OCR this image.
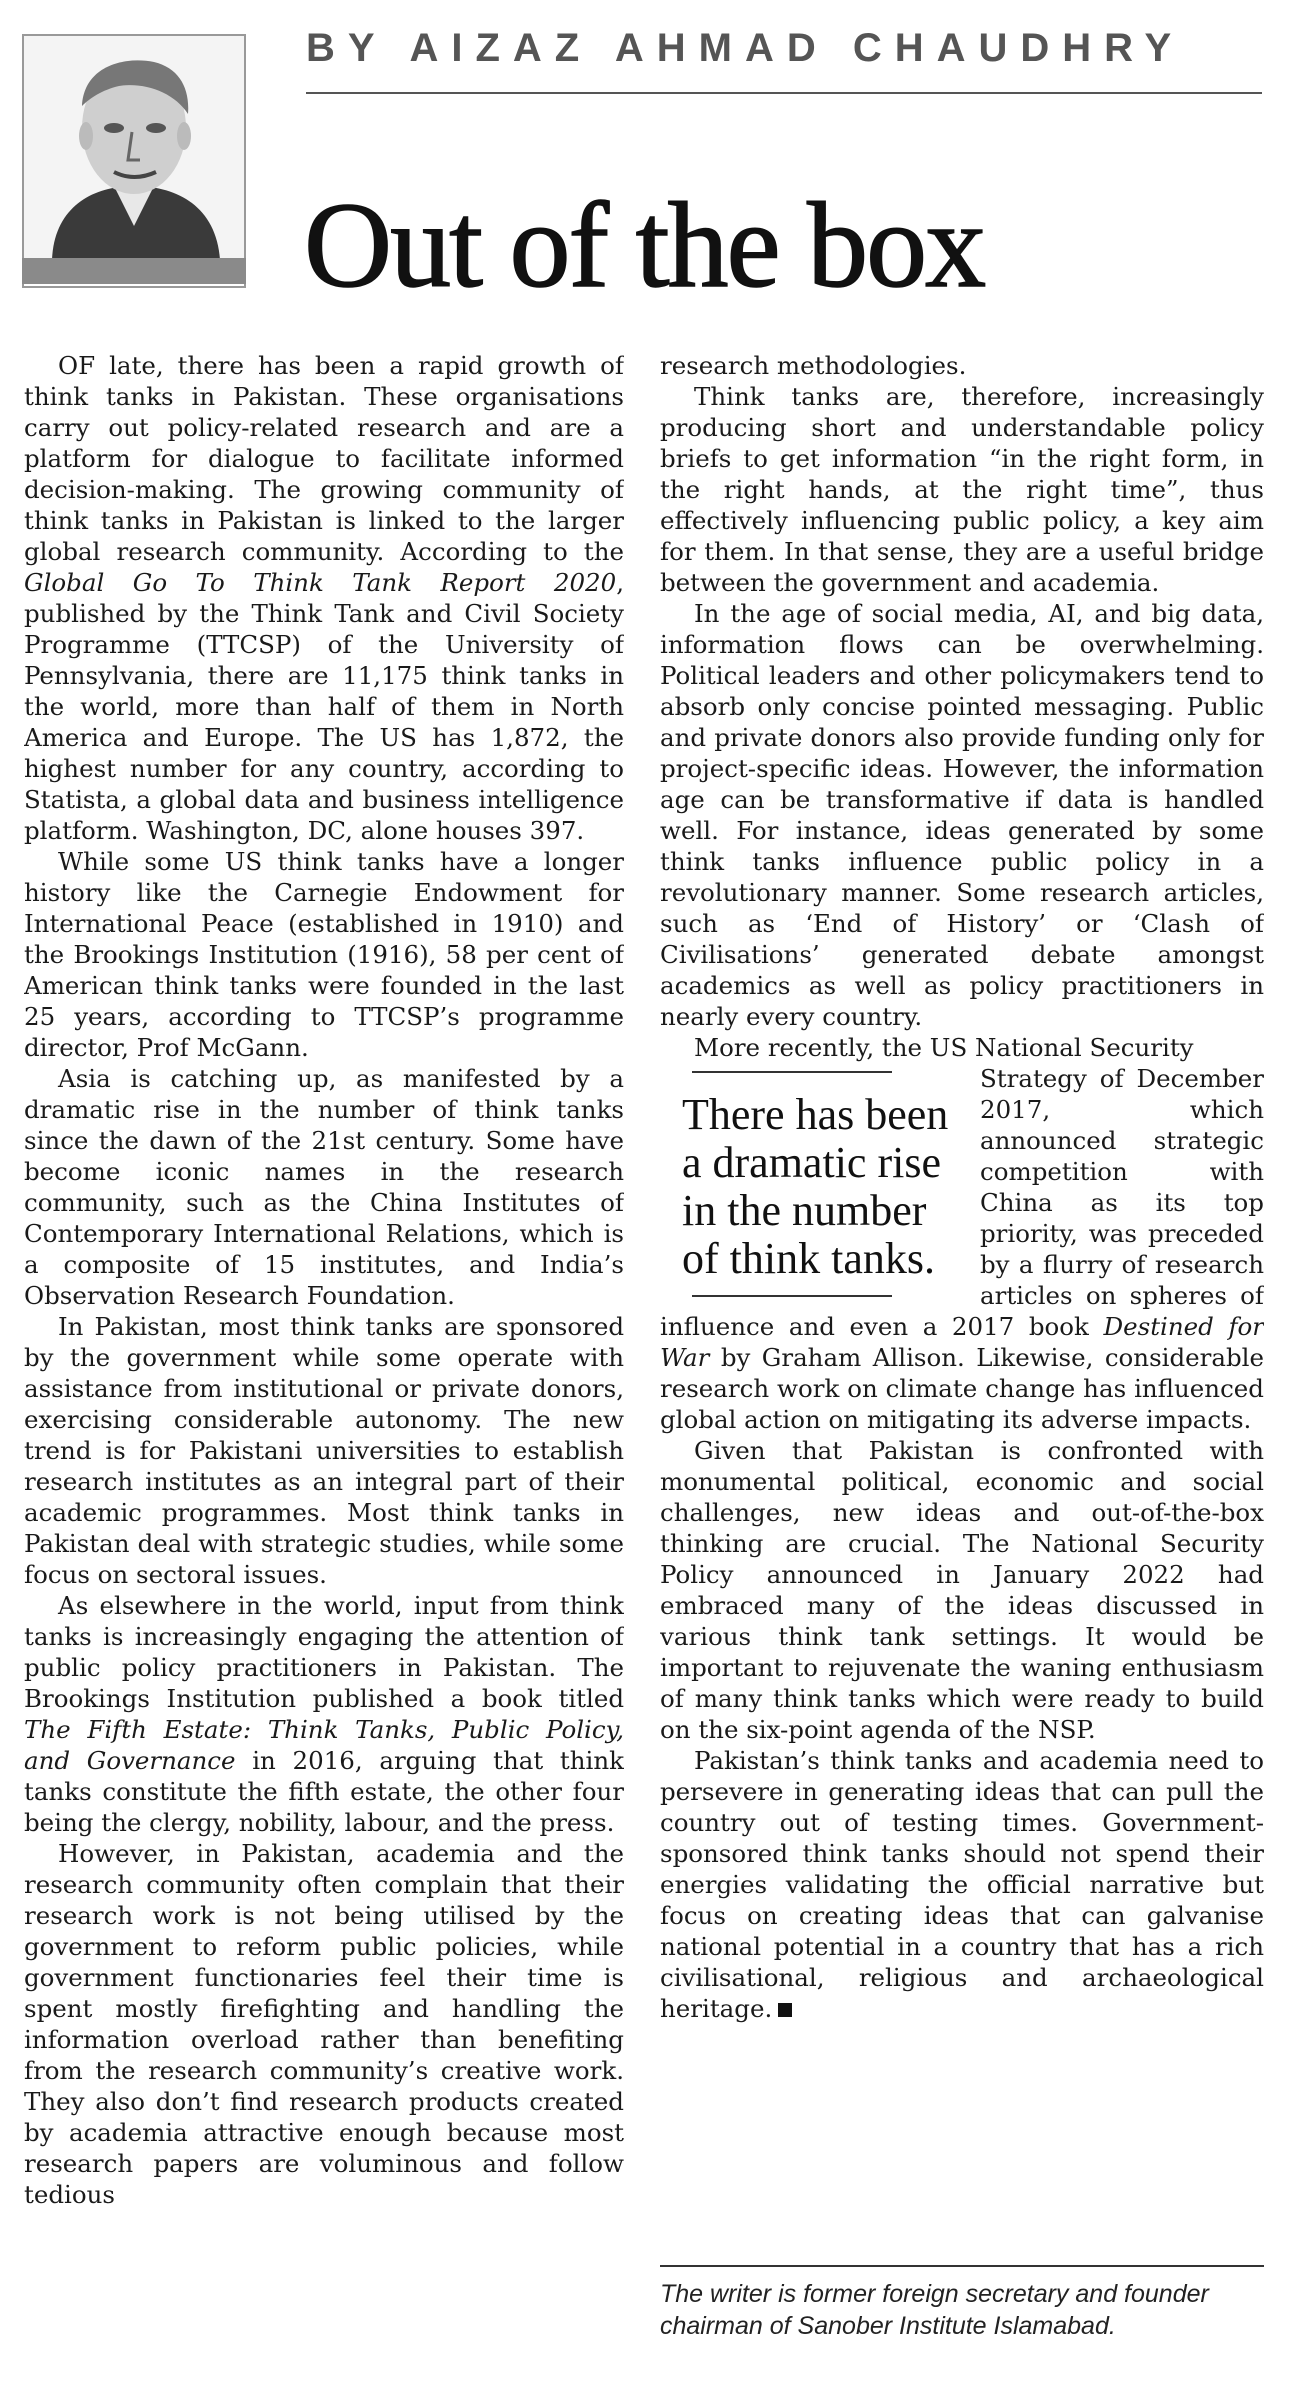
BY AIZAZ AHMAD CHAUDHRY
Out of the box

OF late, there has been a rapid growth of think tanks in Pakistan. These organisations carry out policy-related research and are a platform for dialogue to facilitate informed decision-making. The growing community of think tanks in Pakistan is linked to the larger global research community. According to the Global Go To Think Tank Report 2020, published by the Think Tank and Civil Society Programme (TTCSP) of the University of Pennsylvania, there are 11,175 think tanks in the world, more than half of them in North America and Europe. The US has 1,872, the highest number for any country, according to Statista, a global data and business intelligence platform. Washington, DC, alone houses 397.

While some US think tanks have a longer history like the Carnegie Endowment for International Peace (established in 1910) and the Brookings Institution (1916), 58 per cent of American think tanks were founded in the last 25 years, according to TTCSP’s programme director, Prof McGann.

Asia is catching up, as manifested by a dramatic rise in the number of think tanks since the dawn of the 21st century. Some have become iconic names in the research community, such as the China Institutes of Contemporary International Relations, which is a composite of 15 institutes, and India’s Observation Research Foundation.

In Pakistan, most think tanks are sponsored by the government while some operate with assistance from institutional or private donors, exercising considerable autonomy. The new trend is for Pakistani universities to establish research institutes as an integral part of their academic programmes. Most think tanks in Pakistan deal with strategic studies, while some focus on sectoral issues.

As elsewhere in the world, input from think tanks is increasingly engaging the attention of public policy practitioners in Pakistan. The Brookings Institution published a book titled The Fifth Estate: Think Tanks, Public Policy, and Governance in 2016, arguing that think tanks constitute the fifth estate, the other four being the clergy, nobility, labour, and the press.

However, in Pakistan, academia and the research community often complain that their research work is not being utilised by the government to reform public policies, while government functionaries feel their time is spent mostly firefighting and handling the information overload rather than benefiting from the research community’s creative work. They also don’t find research products created by academia attractive enough because most research papers are voluminous and follow tedious

research methodologies.

Think tanks are, therefore, increasingly producing short and understandable policy briefs to get information “in the right form, in the right hands, at the right time”, thus effectively influencing public policy, a key aim for them. In that sense, they are a useful bridge between the government and academia.

In the age of social media, AI, and big data, information flows can be overwhelming. Political leaders and other policymakers tend to absorb only concise pointed messaging. Public and private donors also provide funding only for project-specific ideas. However, the information age can be transformative if data is handled well. For instance, ideas generated by some think tanks influence public policy in a revolutionary manner. Some research articles, such as ‘End of History’ or ‘Clash of Civilisations’ generated debate amongst academics as well as policy practitioners in nearly every country.

More recently, the US National Security

There has been a dramatic rise in the number of think tanks.

Strategy of December 2017, which announced strategic competition with China as its top priority, was preceded by a flurry of research articles on spheres of influence and even a 2017 book Destined for War by Graham Allison. Likewise, considerable research work on climate change has influenced global action on mitigating its adverse impacts.

Given that Pakistan is confronted with monumental political, economic and social challenges, new ideas and out-of-the-box thinking are crucial. The National Security Policy announced in January 2022 had embraced many of the ideas discussed in various think tank settings. It would be important to rejuvenate the waning enthusiasm of many think tanks which were ready to build on the six-point agenda of the NSP.

Pakistan’s think tanks and academia need to persevere in generating ideas that can pull the country out of testing times. Government-sponsored think tanks should not spend their energies validating the official narrative but focus on creating ideas that can galvanise national potential in a country that has a rich civilisational, religious and archaeological heritage.

The writer is former foreign secretary and founder chairman of Sanober Institute Islamabad.
